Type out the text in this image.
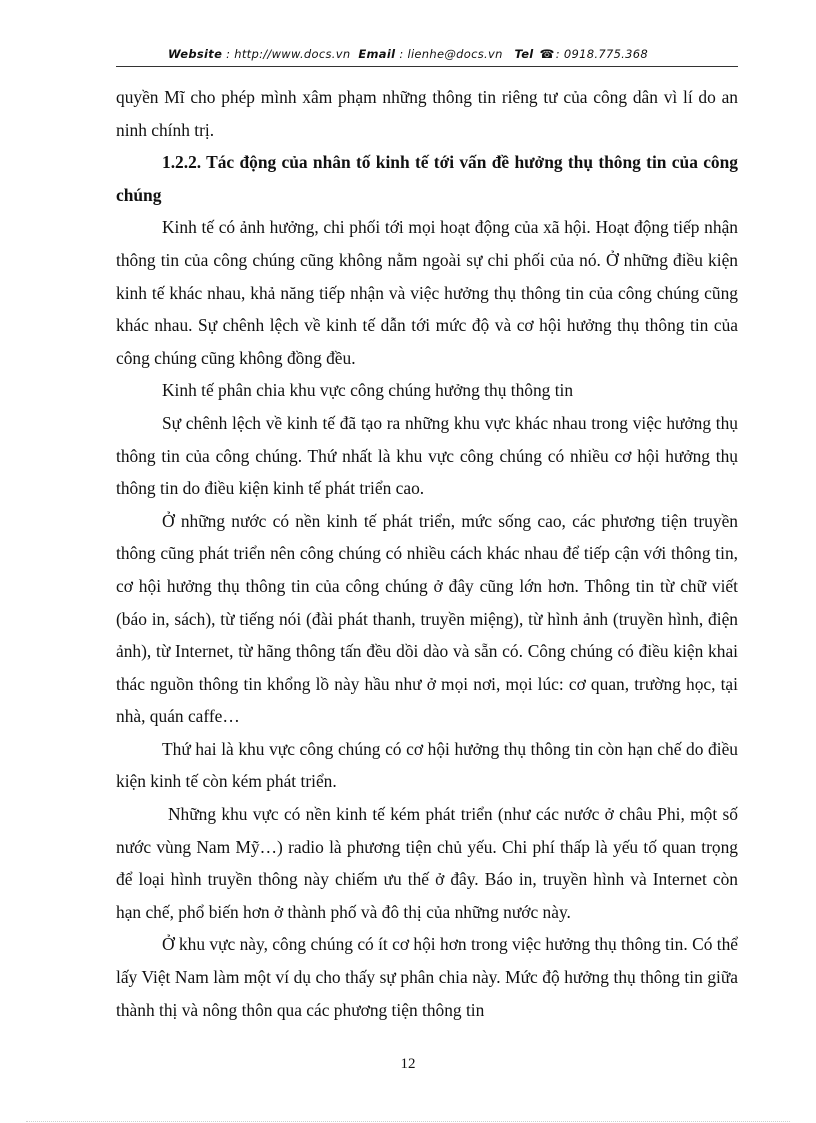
Website : http://www.docs.vn Email : lienhe@docs.vn Tel ☎: 0918.775.368

quyền Mĩ cho phép mình xâm phạm những thông tin riêng tư của công dân vì lí do an ninh chính trị.

1.2.2. Tác động của nhân tố kinh tế tới vấn đề hưởng thụ thông tin của công chúng

Kinh tế có ảnh hưởng, chi phối tới mọi hoạt động của xã hội. Hoạt động tiếp nhận thông tin của công chúng cũng không nằm ngoài sự chi phối của nó. Ở những điều kiện kinh tế khác nhau, khả năng tiếp nhận và việc hưởng thụ thông tin của công chúng cũng khác nhau. Sự chênh lệch về kinh tế dẫn tới mức độ và cơ hội hưởng thụ thông tin của công chúng cũng không đồng đều.

Kinh tế phân chia khu vực công chúng hưởng thụ thông tin

Sự chênh lệch về kinh tế đã tạo ra những khu vực khác nhau trong việc hưởng thụ thông tin của công chúng. Thứ nhất là khu vực công chúng có nhiều cơ hội hưởng thụ thông tin do điều kiện kinh tế phát triển cao.

Ở những nước có nền kinh tế phát triển, mức sống cao, các phương tiện truyền thông cũng phát triển nên công chúng có nhiều cách khác nhau để tiếp cận với thông tin, cơ hội hưởng thụ thông tin của công chúng ở đây cũng lớn hơn. Thông tin từ chữ viết (báo in, sách), từ tiếng nói (đài phát thanh, truyền miệng), từ hình ảnh (truyền hình, điện ảnh), từ Internet, từ hãng thông tấn đều dồi dào và sẵn có. Công chúng có điều kiện khai thác nguồn thông tin khổng lồ này hầu như ở mọi nơi, mọi lúc: cơ quan, trường học, tại nhà, quán caffe…

Thứ hai là khu vực công chúng có cơ hội hưởng thụ thông tin còn hạn chế do điều kiện kinh tế còn kém phát triển.

Những khu vực có nền kinh tế kém phát triển (như các nước ở châu Phi, một số nước vùng Nam Mỹ…) radio là phương tiện chủ yếu. Chi phí thấp là yếu tố quan trọng để loại hình truyền thông này chiếm ưu thế ở đây. Báo in, truyền hình và Internet còn hạn chế, phổ biến hơn ở thành phố và đô thị của những nước này.

Ở khu vực này, công chúng có ít cơ hội hơn trong việc hưởng thụ thông tin. Có thể lấy Việt Nam làm một ví dụ cho thấy sự phân chia này. Mức độ hưởng thụ thông tin giữa thành thị và nông thôn qua các phương tiện thông tin

12
